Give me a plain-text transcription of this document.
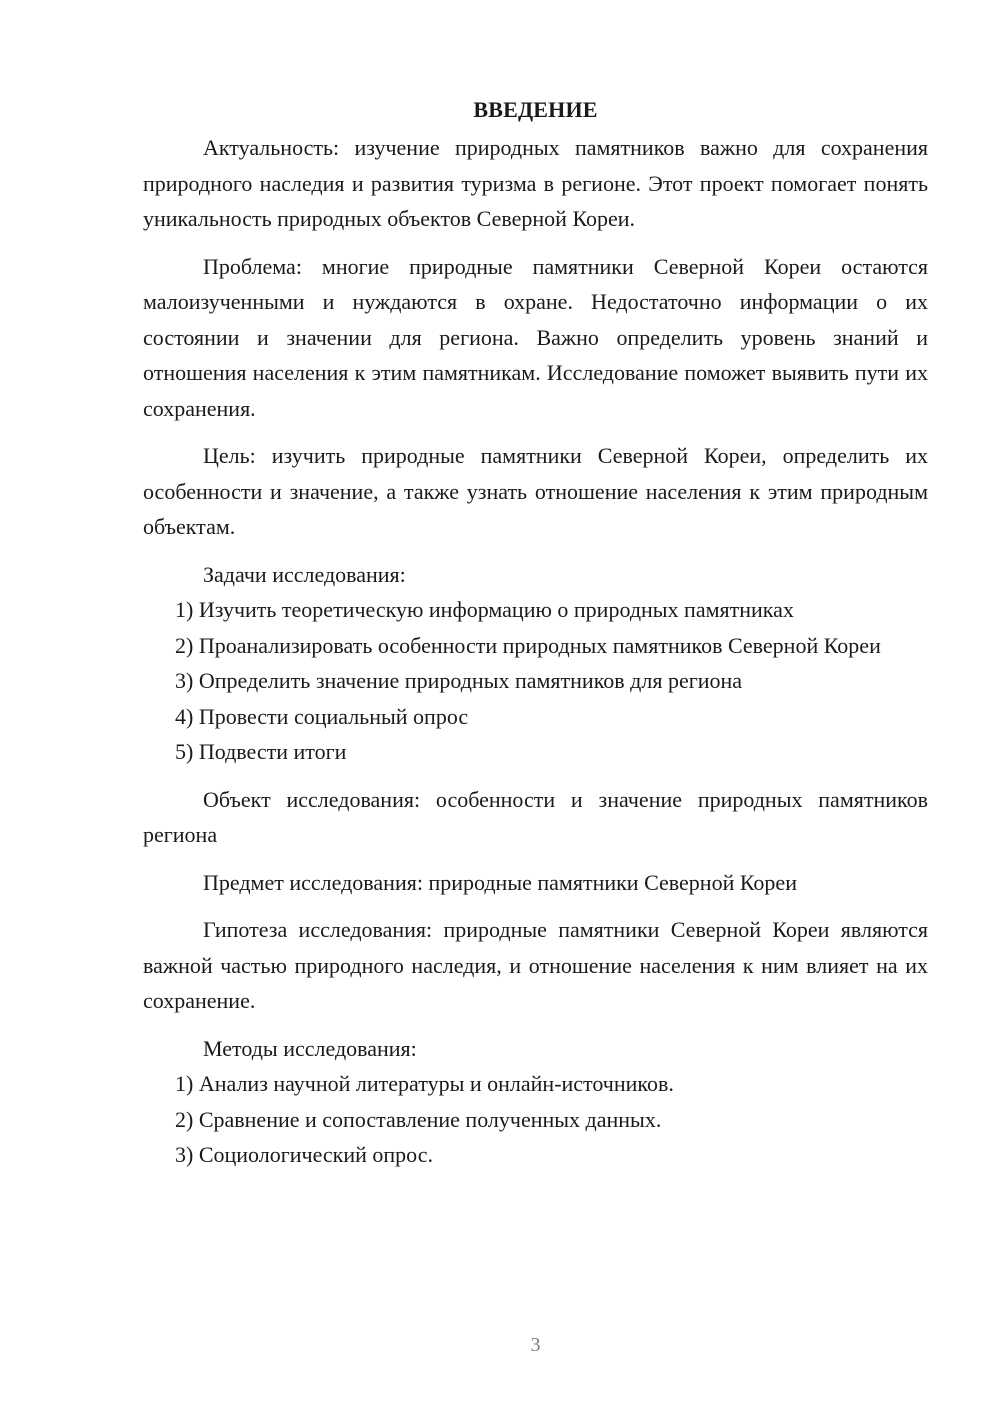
ВВЕДЕНИЕ

Актуальность: изучение природных памятников важно для сохранения природного наследия и развития туризма в регионе. Этот проект помогает понять уникальность природных объектов Северной Кореи.

Проблема: многие природные памятники Северной Кореи остаются малоизученными и нуждаются в охране. Недостаточно информации о их состоянии и значении для региона. Важно определить уровень знаний и отношения населения к этим памятникам. Исследование поможет выявить пути их сохранения.

Цель: изучить природные памятники Северной Кореи, определить их особенности и значение, а также узнать отношение населения к этим природным объектам.

Задачи исследования:

1) Изучить теоретическую информацию о природных памятниках

2) Проанализировать особенности природных памятников Северной Кореи

3) Определить значение природных памятников для региона

4) Провести социальный опрос

5) Подвести итоги

Объект исследования: особенности и значение природных памятников региона

Предмет исследования: природные памятники Северной Кореи

Гипотеза исследования: природные памятники Северной Кореи являются важной частью природного наследия, и отношение населения к ним влияет на их сохранение.

Методы исследования:

1) Анализ научной литературы и онлайн-источников.

2) Сравнение и сопоставление полученных данных.

3) Социологический опрос.

3
